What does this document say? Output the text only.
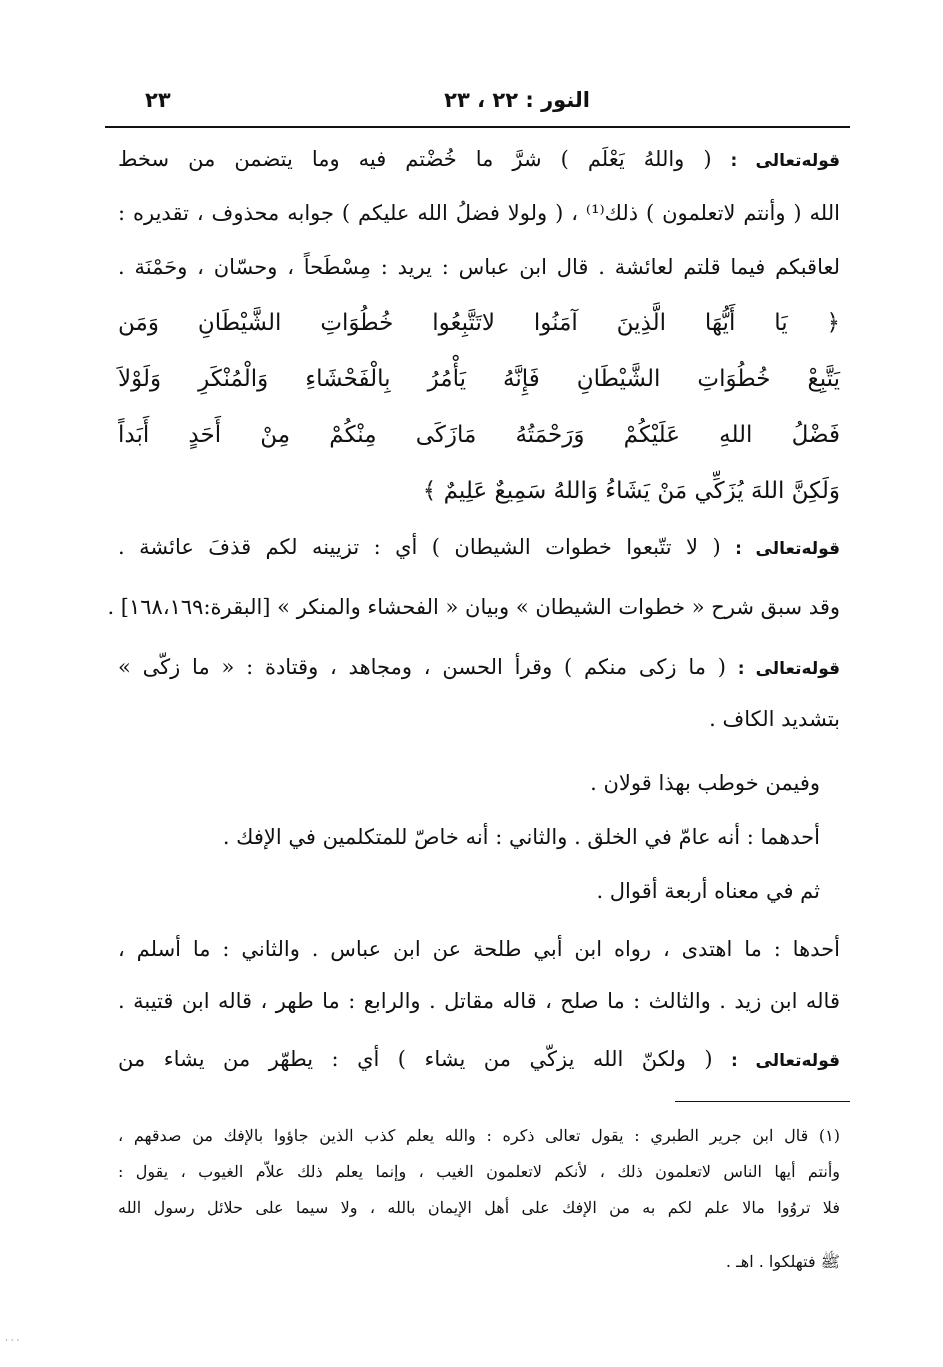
النور : ٢٢ ، ٢٣
٢٣
قوله‌تعالى : ( واللهُ يَعْلَم ) شرَّ ما خُضْتم فيه وما يتضمن من سخط
الله ( وأنتم لاتعلمون ) ذلك⁽¹⁾ ، ( ولولا فضلُ الله عليكم ) جوابه محذوف ، تقديره :
لعاقبكم فيما قلتم لعائشة . قال ابن عباس : يريد : مِسْطَحاً ، وحسّان ، وحَمْنَة .
﴿ يَا أَيُّهَا الَّذِينَ آمَنُوا لاتَتَّبِعُوا خُطُوَاتِ الشَّيْطَانِ وَمَن
يَتَّبِعْ خُطُوَاتِ الشَّيْطَانِ فَإِنَّهُ يَأْمُرُ بِالْفَحْشَاءِ وَالْمُنْكَرِ وَلَوْلاَ
فَضْلُ اللهِ عَلَيْكُمْ وَرَحْمَتُهُ مَازَكَى مِنْكُمْ مِنْ أَحَدٍ أَبَداً
وَلَكِنَّ اللهَ يُزَكِّي مَنْ يَشَاءُ وَاللهُ سَمِيعٌ عَلِيمٌ ﴾
قوله‌تعالى : ( لا تتّبعوا خطوات الشيطان ) أي : تزيينه لكم قذفَ عائشة .
وقد سبق شرح « خطوات الشيطان » وبيان « الفحشاء والمنكر » [البقرة:١٦٨،١٦٩] .
قوله‌تعالى : ( ما زكى منكم ) وقرأ الحسن ، ومجاهد ، وقتادة : « ما زكّى »
بتشديد الكاف .
وفيمن خوطب بهذا قولان .
أحدهما : أنه عامّ في الخلق . والثاني : أنه خاصّ للمتكلمين في الإفك .
ثم في معناه أربعة أقوال .
أحدها : ما اهتدى ، رواه ابن أبي طلحة عن ابن عباس . والثاني : ما أسلم ،
قاله ابن زيد . والثالث : ما صلح ، قاله مقاتل . والرابع : ما طهر ، قاله ابن قتيبة .
قوله‌تعالى : ( ولكنّ الله يزكّي من يشاء ) أي : يطهّر من يشاء من
(١) قال ابن جرير الطبري : يقول تعالى ذكره : والله يعلم كذب الذين جاؤوا بالإفك من صدقهم ،
وأنتم أيها الناس لاتعلمون ذلك ، لأنكم لاتعلمون الغيب ، وإنما يعلم ذلك علاّم الغيوب ، يقول :
فلا تروُوا مالا علم لكم به من الإفك على أهل الإيمان بالله ، ولا سيما على حلائل رسول الله
ﷺ فتهلكوا . اهـ .
· · ·
